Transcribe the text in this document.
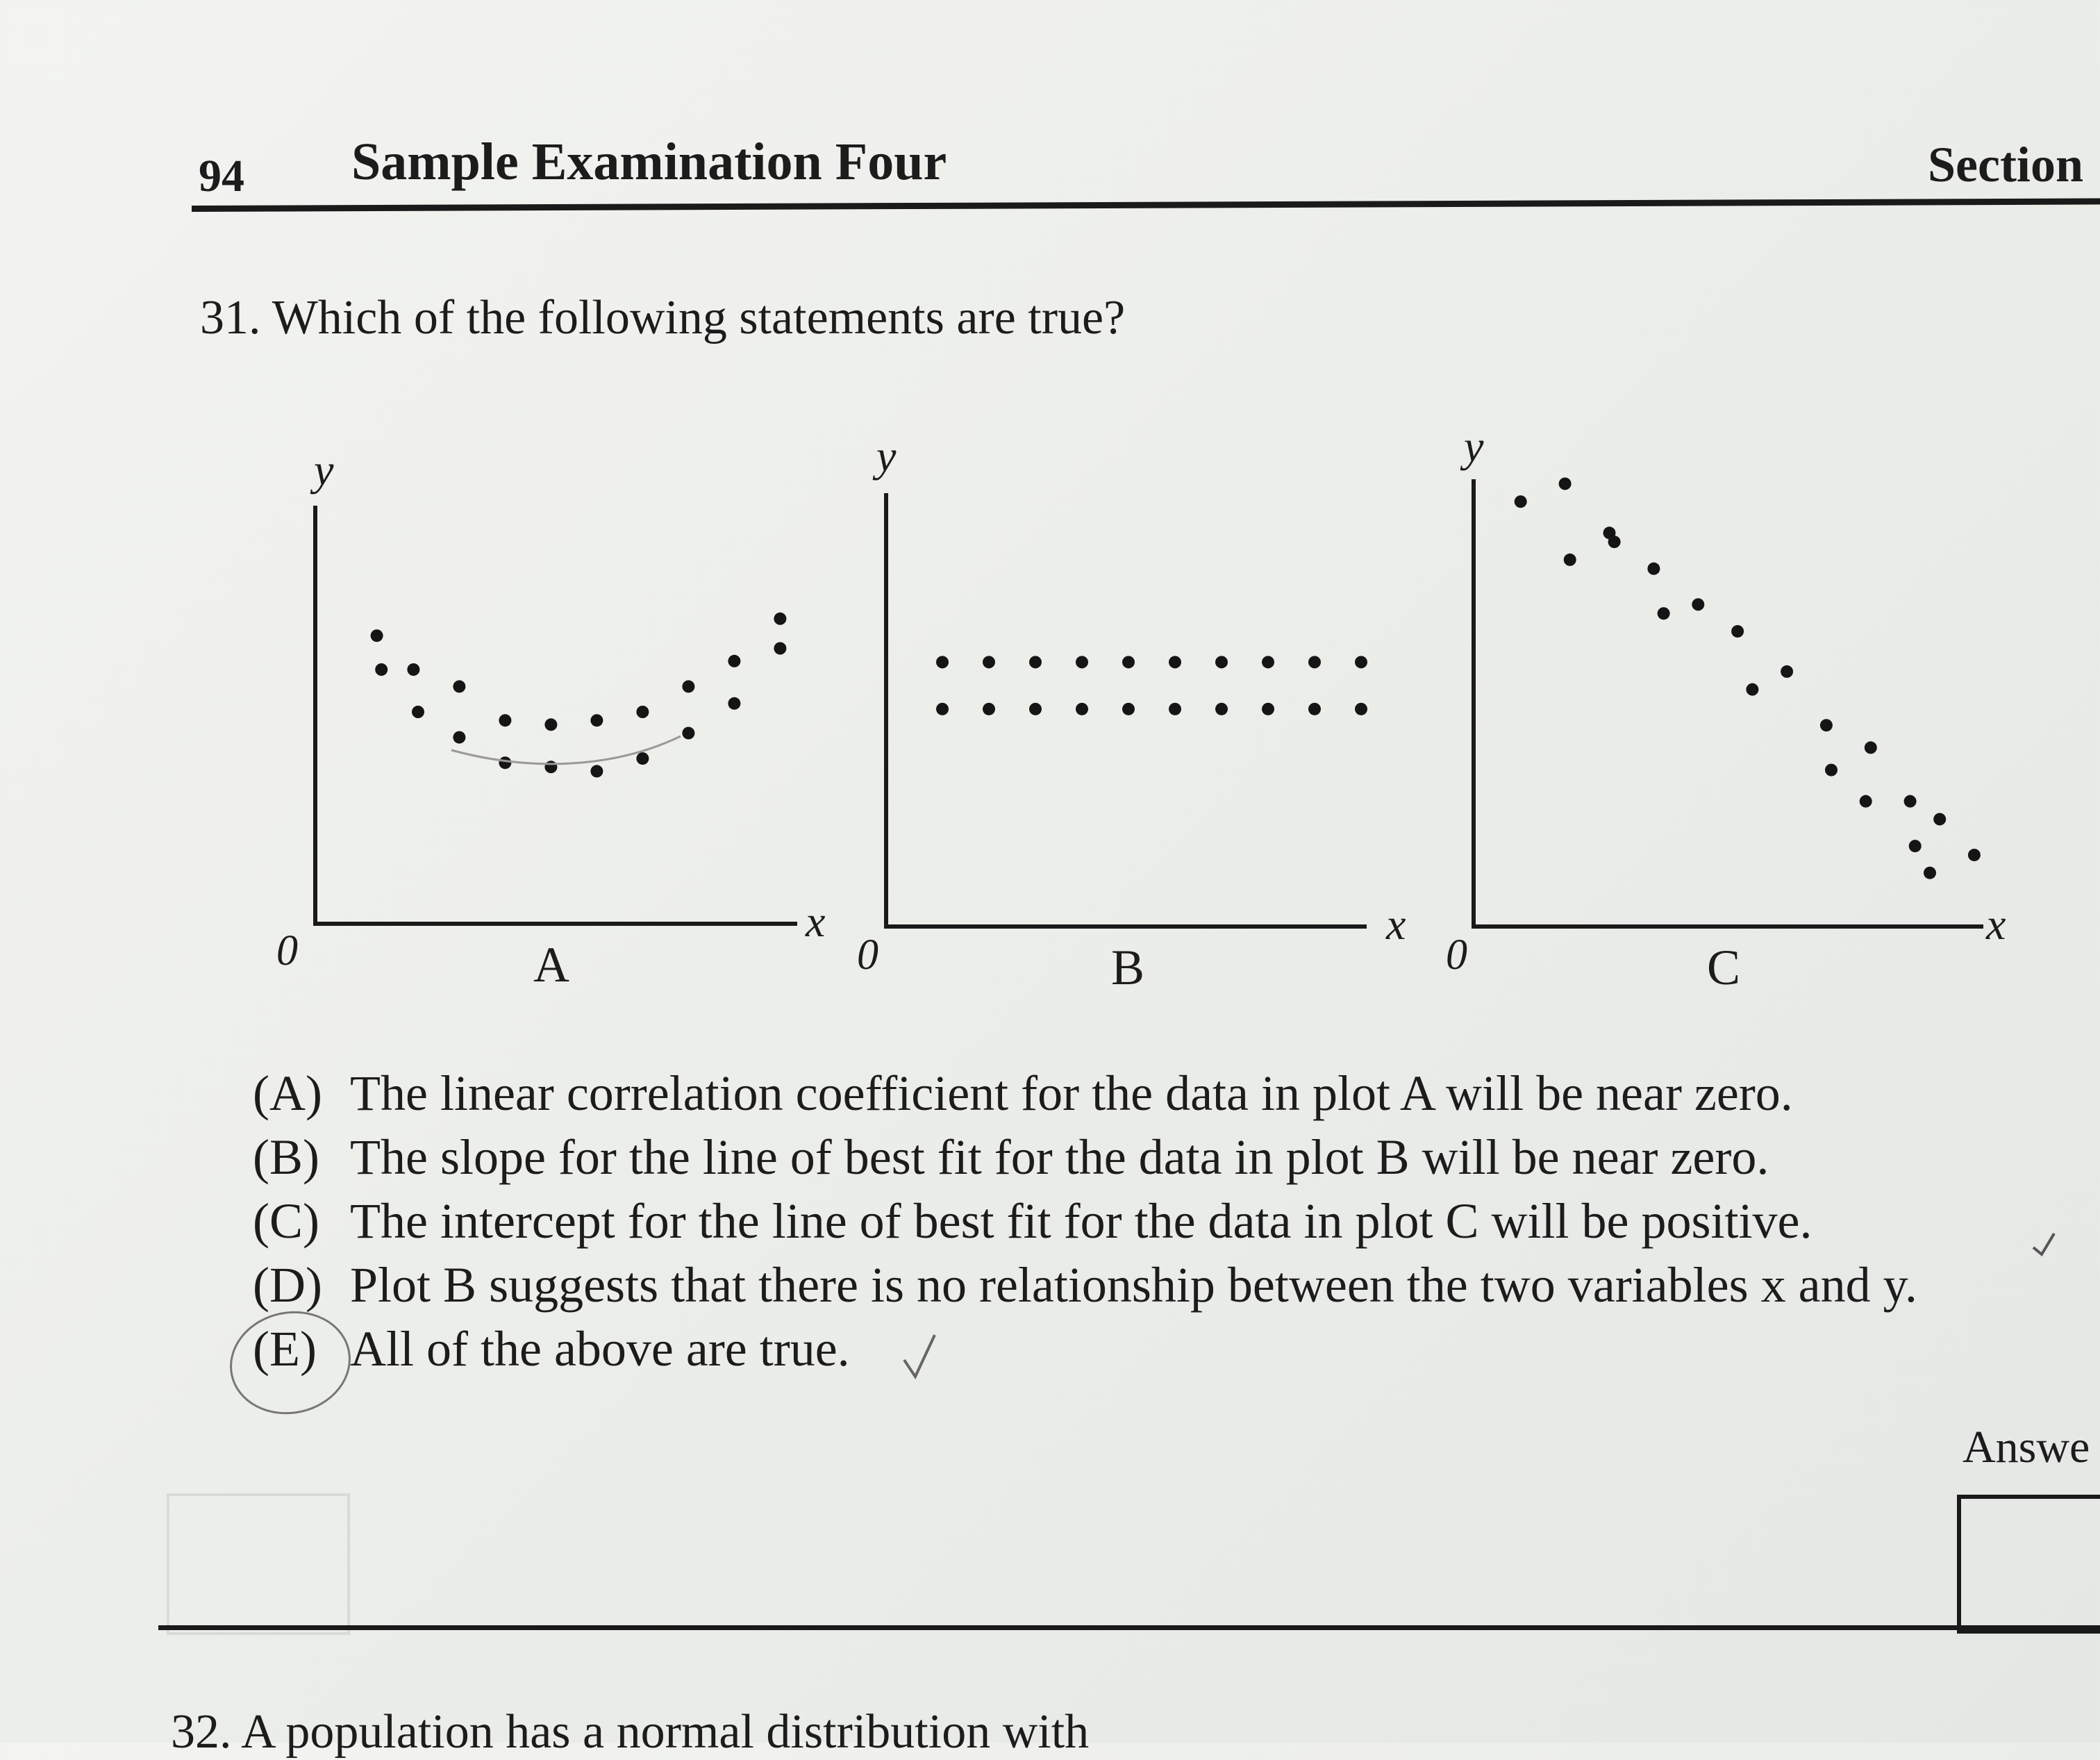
94 Sample Examination Four	Section
31. Which of the following statements are true?
y
x
0	A
y
x
0	B
y
x
0	C
(A) The linear correlation coefficient for the data in plot A will be near zero.
(B) The slope for the line of best fit for the data in plot B will be near zero.
(C) The intercept for the line of best fit for the data in plot C will be positive.
(D) Plot B suggests that there is no relationship between the two variables x and y.
(E) All of the above are true.
Answe
32. A population has a normal distribution with
